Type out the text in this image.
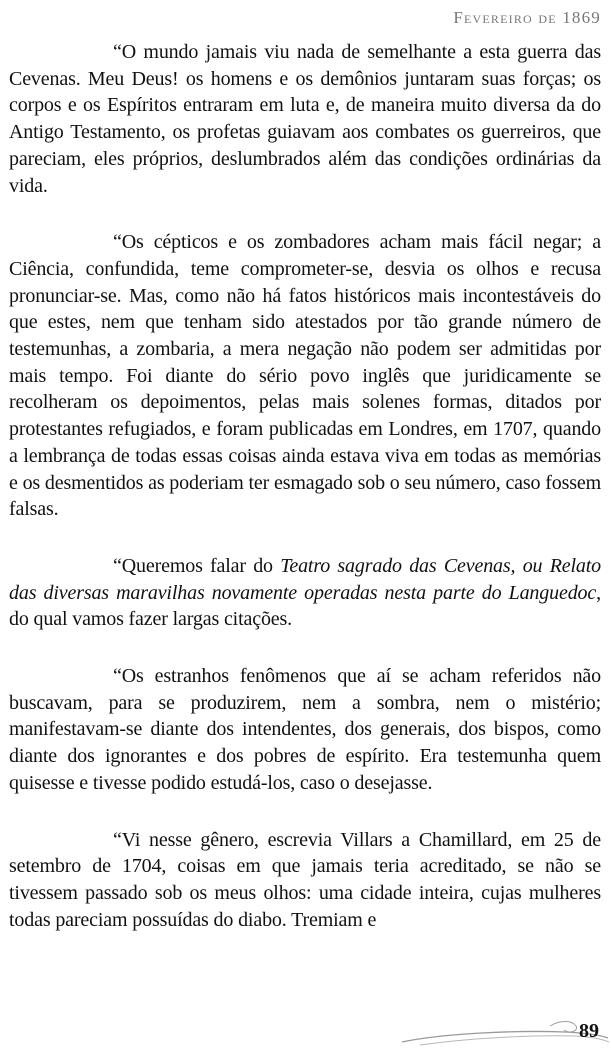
Fevereiro de 1869

“O mundo jamais viu nada de semelhante a esta guerra das Cevenas. Meu Deus! os homens e os demônios juntaram suas forças; os corpos e os Espíritos entraram em luta e, de maneira muito diversa da do Antigo Testamento, os profetas guiavam aos combates os guerreiros, que pareciam, eles próprios, deslumbrados além das condições ordinárias da vida.

“Os cépticos e os zombadores acham mais fácil negar; a Ciência, confundida, teme comprometer-se, desvia os olhos e recusa pronunciar-se. Mas, como não há fatos históricos mais incontestáveis do que estes, nem que tenham sido atestados por tão grande número de testemunhas, a zombaria, a mera negação não podem ser admitidas por mais tempo. Foi diante do sério povo inglês que juridicamente se recolheram os depoimentos, pelas mais solenes formas, ditados por protestantes refugiados, e foram publicadas em Londres, em 1707, quando a lembrança de todas essas coisas ainda estava viva em todas as memórias e os desmentidos as poderiam ter esmagado sob o seu número, caso fossem falsas.

“Queremos falar do Teatro sagrado das Cevenas, ou Relato das diversas maravilhas novamente operadas nesta parte do Languedoc, do qual vamos fazer largas citações.

“Os estranhos fenômenos que aí se acham referidos não buscavam, para se produzirem, nem a sombra, nem o mistério; manifestavam-se diante dos intendentes, dos generais, dos bispos, como diante dos ignorantes e dos pobres de espírito. Era testemunha quem quisesse e tivesse podido estudá-los, caso o desejasse.

“Vi nesse gênero, escrevia Villars a Chamillard, em 25 de setembro de 1704, coisas em que jamais teria acreditado, se não se tivessem passado sob os meus olhos: uma cidade inteira, cujas mulheres todas pareciam possuídas do diabo. Tremiam e

89
